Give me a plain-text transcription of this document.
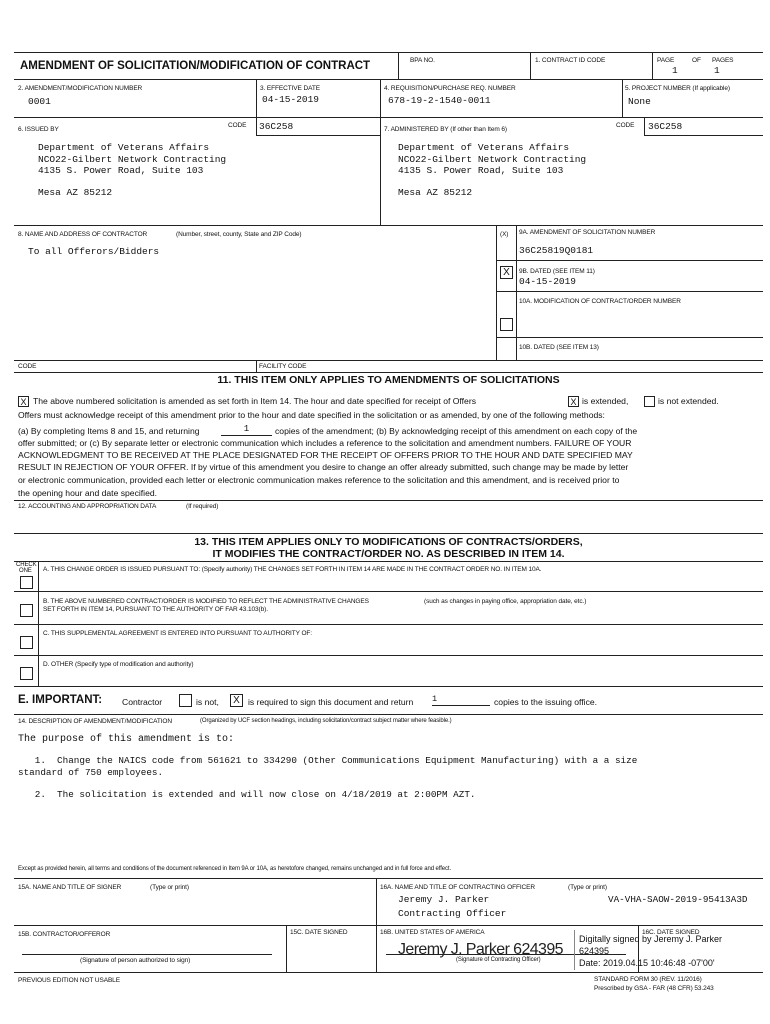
AMENDMENT OF SOLICITATION/MODIFICATION OF CONTRACT	BPA NO.	1. CONTRACT ID CODE	PAGE	OF PAGES
1	1
2. AMENDMENT/MODIFICATION NUMBER
0001
3. EFFECTIVE DATE
04-15-2019
4. REQUISITION/PURCHASE REQ. NUMBER
678-19-2-1540-0011
5. PROJECT NUMBER (If applicable)
None
6. ISSUED BY
CODE 36C258
Department of Veterans Affairs
NCO22-Gilbert Network Contracting
4135 S. Power Road, Suite 103
Mesa AZ 85212
7. ADMINISTERED BY (If other than Item 6)
CODE 36C258
Department of Veterans Affairs
NCO22-Gilbert Network Contracting
4135 S. Power Road, Suite 103
Mesa AZ 85212
8. NAME AND ADDRESS OF CONTRACTOR	(Number, street, county, State and ZIP Code)
To all Offerors/Bidders
(X) 9A. AMENDMENT OF SOLICITATION NUMBER
36C25819Q0181
X	9B. DATED (SEE ITEM 11)
04-15-2019
10A. MODIFICATION OF CONTRACT/ORDER NUMBER
10B. DATED (SEE ITEM 13)
CODE	FACILITY CODE
11. THIS ITEM ONLY APPLIES TO AMENDMENTS OF SOLICITATIONS
X The above numbered solicitation is amended as set forth in Item 14. The hour and date specified for receipt of Offers	X is extended,	is not extended.
Offers must acknowledge receipt of this amendment prior to the hour and date specified in the solicitation or as amended, by one of the following methods:
(a) By completing Items 8 and 15, and returning	1	copies of the amendment; (b) By acknowledging receipt of this amendment on each copy of the
offer submitted; or (c) By separate letter or electronic communication which includes a reference to the solicitation and amendment numbers. FAILURE OF YOUR
ACKNOWLEDGMENT TO BE RECEIVED AT THE PLACE DESIGNATED FOR THE RECEIPT OF OFFERS PRIOR TO THE HOUR AND DATE SPECIFIED MAY
RESULT IN REJECTION OF YOUR OFFER. If by virtue of this amendment you desire to change an offer already submitted, such change may be made by letter
or electronic communication, provided each letter or electronic communication makes reference to the solicitation and this amendment, and is received prior to
the opening hour and date specified.
12. ACCOUNTING AND APPROPRIATION DATA	(If required)
13. THIS ITEM APPLIES ONLY TO MODIFICATIONS OF CONTRACTS/ORDERS,
IT MODIFIES THE CONTRACT/ORDER NO. AS DESCRIBED IN ITEM 14.
CHECK
ONE A. THIS CHANGE ORDER IS ISSUED PURSUANT TO: (Specify authority) THE CHANGES SET FORTH IN ITEM 14 ARE MADE IN THE CONTRACT ORDER NO. IN ITEM 10A.
B. THE ABOVE NUMBERED CONTRACT/ORDER IS MODIFIED TO REFLECT THE ADMINISTRATIVE CHANGES	(such as changes in paying office, appropriation date, etc.)
SET FORTH IN ITEM 14, PURSUANT TO THE AUTHORITY OF FAR 43.103(b).
C. THIS SUPPLEMENTAL AGREEMENT IS ENTERED INTO PURSUANT TO AUTHORITY OF:
D. OTHER (Specify type of modification and authority)
E. IMPORTANT: Contractor	is not, X is required to sign this document and return 1	copies to the issuing office.
14. DESCRIPTION OF AMENDMENT/MODIFICATION	(Organized by UCF section headings, including solicitation/contract subject matter where feasible.)
The purpose of this amendment is to:
1.  Change the NAICS code from 561621 to 334290 (Other Communications Equipment Manufacturing) with a a size
standard of 750 employees.
2.  The solicitation is extended and will now close on 4/18/2019 at 2:00PM AZT.
Except as provided herein, all terms and conditions of the document referenced in Item 9A or 10A, as heretofore changed, remains unchanged and in full force and effect.
15A. NAME AND TITLE OF SIGNER	(Type or print)	16A. NAME AND TITLE OF CONTRACTING OFFICER	(Type or print)
Jeremy J. Parker
Contracting Officer
VA-VHA-SAOW-2019-95413A3D
15B. CONTRACTOR/OFFEROR	15C. DATE SIGNED	16B. UNITED STATES OF AMERICA	16C. DATE SIGNED
(Signature of person authorized to sign)
Jeremy J. Parker 624395
(Signature of Contracting Officer)
Digitally signed by Jeremy J. Parker
624395
Date: 2019.04.15 10:46:48 -07'00'
PREVIOUS EDITION NOT USABLE	STANDARD FORM 30 (REV. 11/2016)
Prescribed by GSA - FAR (48 CFR) 53.243
